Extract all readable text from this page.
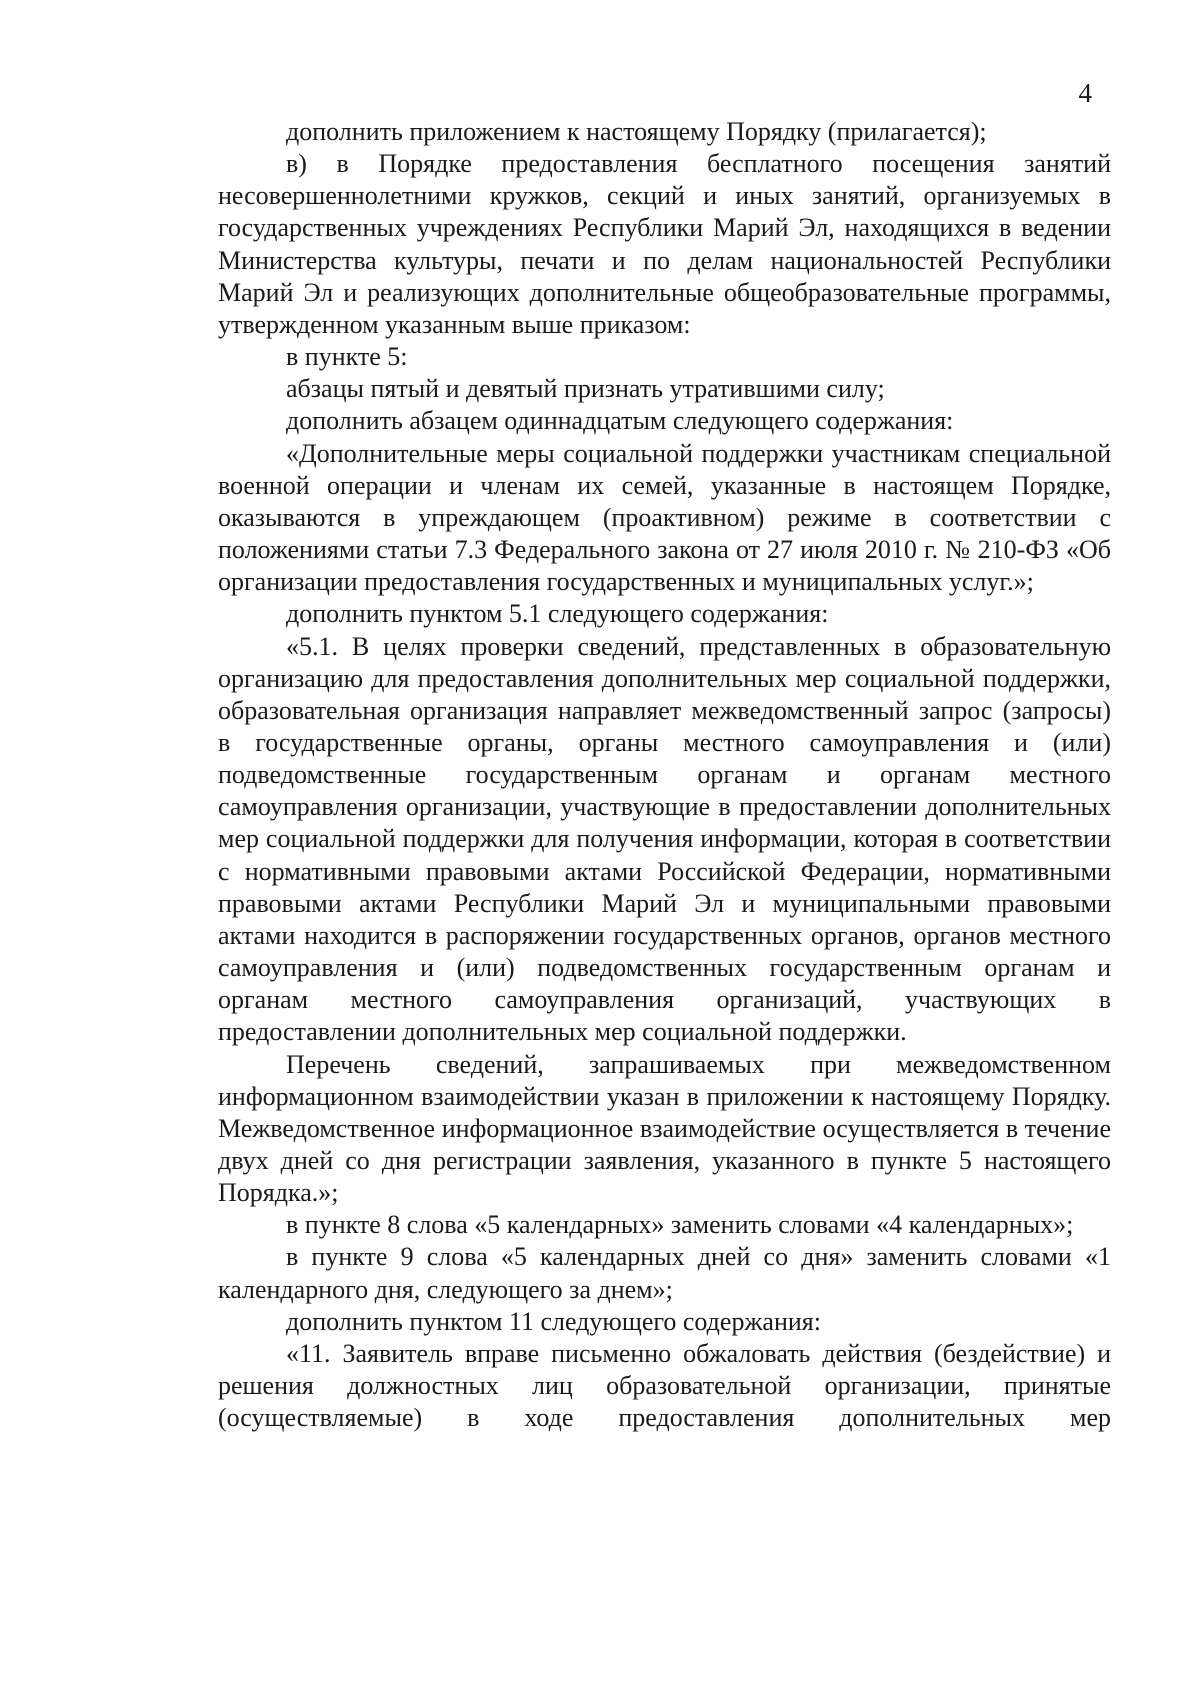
4

дополнить приложением к настоящему Порядку (прилагается);

в) в Порядке предоставления бесплатного посещения занятий несовершеннолетними кружков, секций и иных занятий, организуемых в государственных учреждениях Республики Марий Эл, находящихся в ведении Министерства культуры, печати и по делам национальностей Республики Марий Эл и реализующих дополнительные общеобразовательные программы, утвержденном указанным выше приказом:

в пункте 5:

абзацы пятый и девятый признать утратившими силу;

дополнить абзацем одиннадцатым следующего содержания:

«Дополнительные меры социальной поддержки участникам специальной военной операции и членам их семей, указанные в настоящем Порядке, оказываются в упреждающем (проактивном) режиме в соответствии с положениями статьи 7.3 Федерального закона от 27 июля 2010 г. № 210-ФЗ «Об организации предоставления государственных и муниципальных услуг.»;

дополнить пунктом 5.1 следующего содержания:

«5.1. В целях проверки сведений, представленных в образовательную организацию для предоставления дополнительных мер социальной поддержки, образовательная организация направляет межведомственный запрос (запросы) в государственные органы, органы местного самоуправления и (или) подведомственные государственным органам и органам местного самоуправления организации, участвующие в предоставлении дополнительных мер социальной поддержки для получения информации, которая в соответствии с нормативными правовыми актами Российской Федерации, нормативными правовыми актами Республики Марий Эл и муниципальными правовыми актами находится в распоряжении государственных органов, органов местного самоуправления и (или) подведомственных государственным органам и органам местного самоуправления организаций, участвующих в предоставлении дополнительных мер социальной поддержки.

Перечень сведений, запрашиваемых при межведомственном информационном взаимодействии указан в приложении к настоящему Порядку. Межведомственное информационное взаимодействие осуществляется в течение двух дней со дня регистрации заявления, указанного в пункте 5 настоящего Порядка.»;

в пункте 8 слова «5 календарных» заменить словами «4 календарных»;

в пункте 9 слова «5 календарных дней со дня» заменить словами «1 календарного дня, следующего за днем»;

дополнить пунктом 11 следующего содержания:

«11. Заявитель вправе письменно обжаловать действия (бездействие) и решения должностных лиц образовательной организации, принятые (осуществляемые) в ходе предоставления дополнительных мер
